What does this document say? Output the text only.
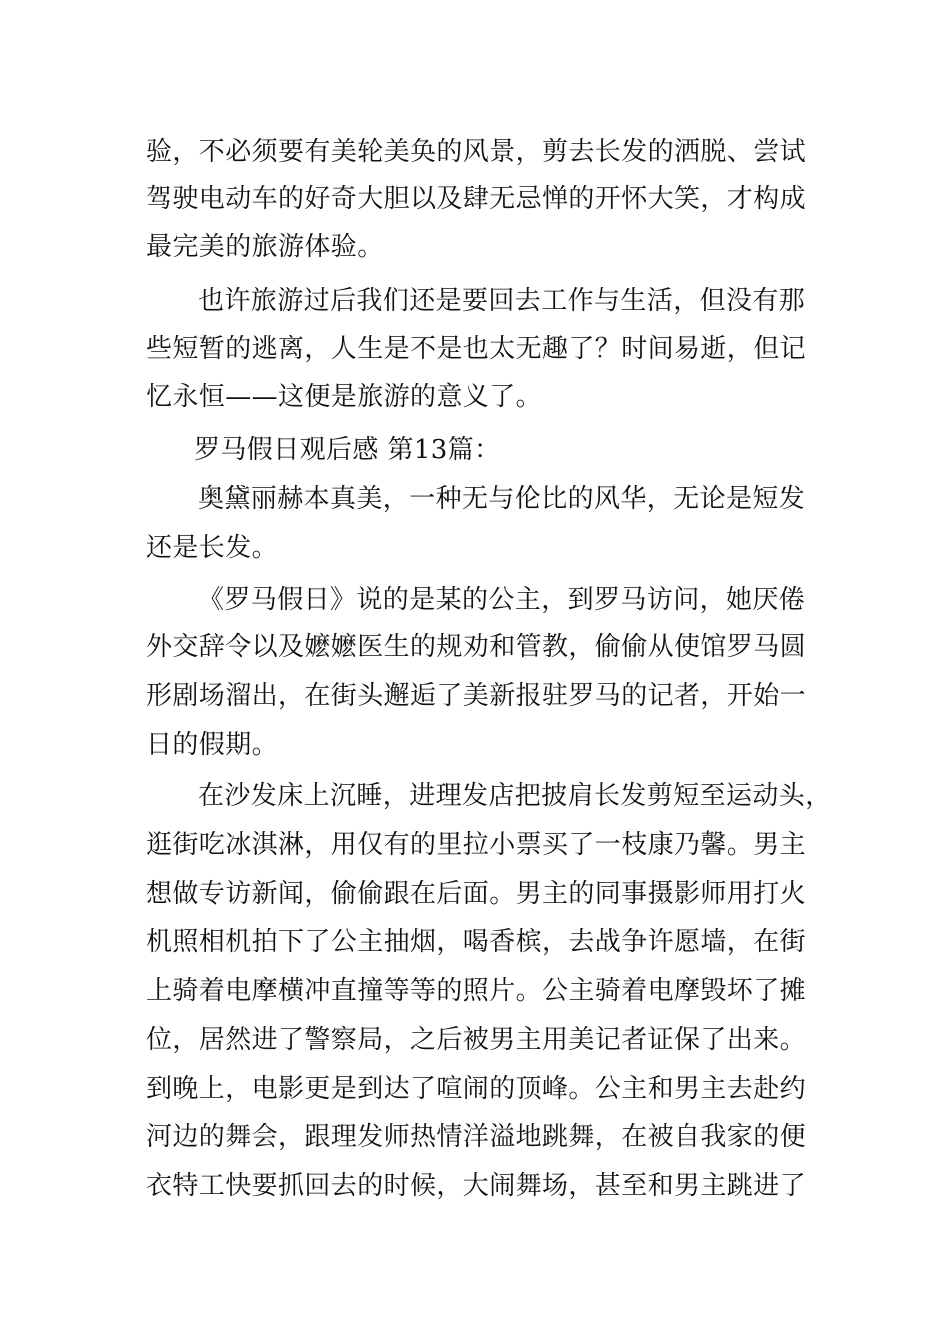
验，不必须要有美轮美奂的风景，剪去长发的洒脱、尝试
驾驶电动车的好奇大胆以及肆无忌惮的开怀大笑，才构成
最完美的旅游体验。
也许旅游过后我们还是要回去工作与生活，但没有那
些短暂的逃离，人生是不是也太无趣了？时间易逝，但记
忆永恒——这便是旅游的意义了。
罗马假日观后感 第13篇：
奥黛丽赫本真美，一种无与伦比的风华，无论是短发
还是长发。
《罗马假日》说的是某的公主，到罗马访问，她厌倦
外交辞令以及嬷嬷医生的规劝和管教，偷偷从使馆罗马圆
形剧场溜出，在街头邂逅了美新报驻罗马的记者，开始一
日的假期。
在沙发床上沉睡，进理发店把披肩长发剪短至运动头，
逛街吃冰淇淋，用仅有的里拉小票买了一枝康乃馨。男主
想做专访新闻，偷偷跟在后面。男主的同事摄影师用打火
机照相机拍下了公主抽烟，喝香槟，去战争许愿墙，在街
上骑着电摩横冲直撞等等的照片。公主骑着电摩毁坏了摊
位，居然进了警察局，之后被男主用美记者证保了出来。
到晚上，电影更是到达了喧闹的顶峰。公主和男主去赴约
河边的舞会，跟理发师热情洋溢地跳舞，在被自我家的便
衣特工快要抓回去的时候，大闹舞场，甚至和男主跳进了
